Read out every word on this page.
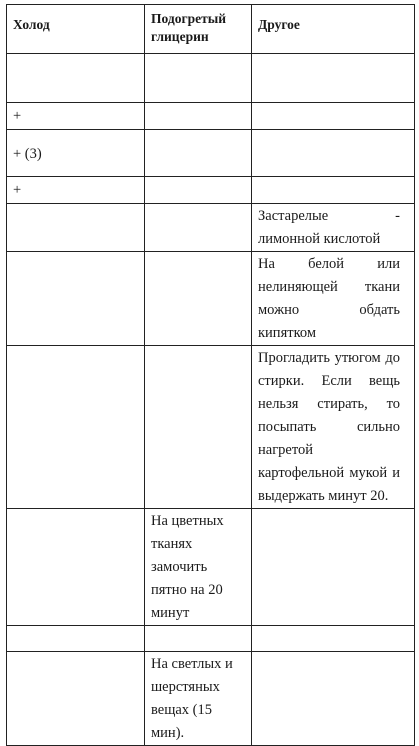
Холод	Подогретый глицерин	Другое

+		

+ (3)		

+		

		Застарелые - лимонной кислотой

		На белой или нелиняющей ткани можно обдать кипятком

		Прогладить утюгом до стирки. Если вещь нельзя стирать, то посыпать сильно нагретой картофельной мукой и выдержать минут 20.

	На цветных тканях замочить пятно на 20 минут	

	На светлых и шерстяных вещах (15 мин).	
